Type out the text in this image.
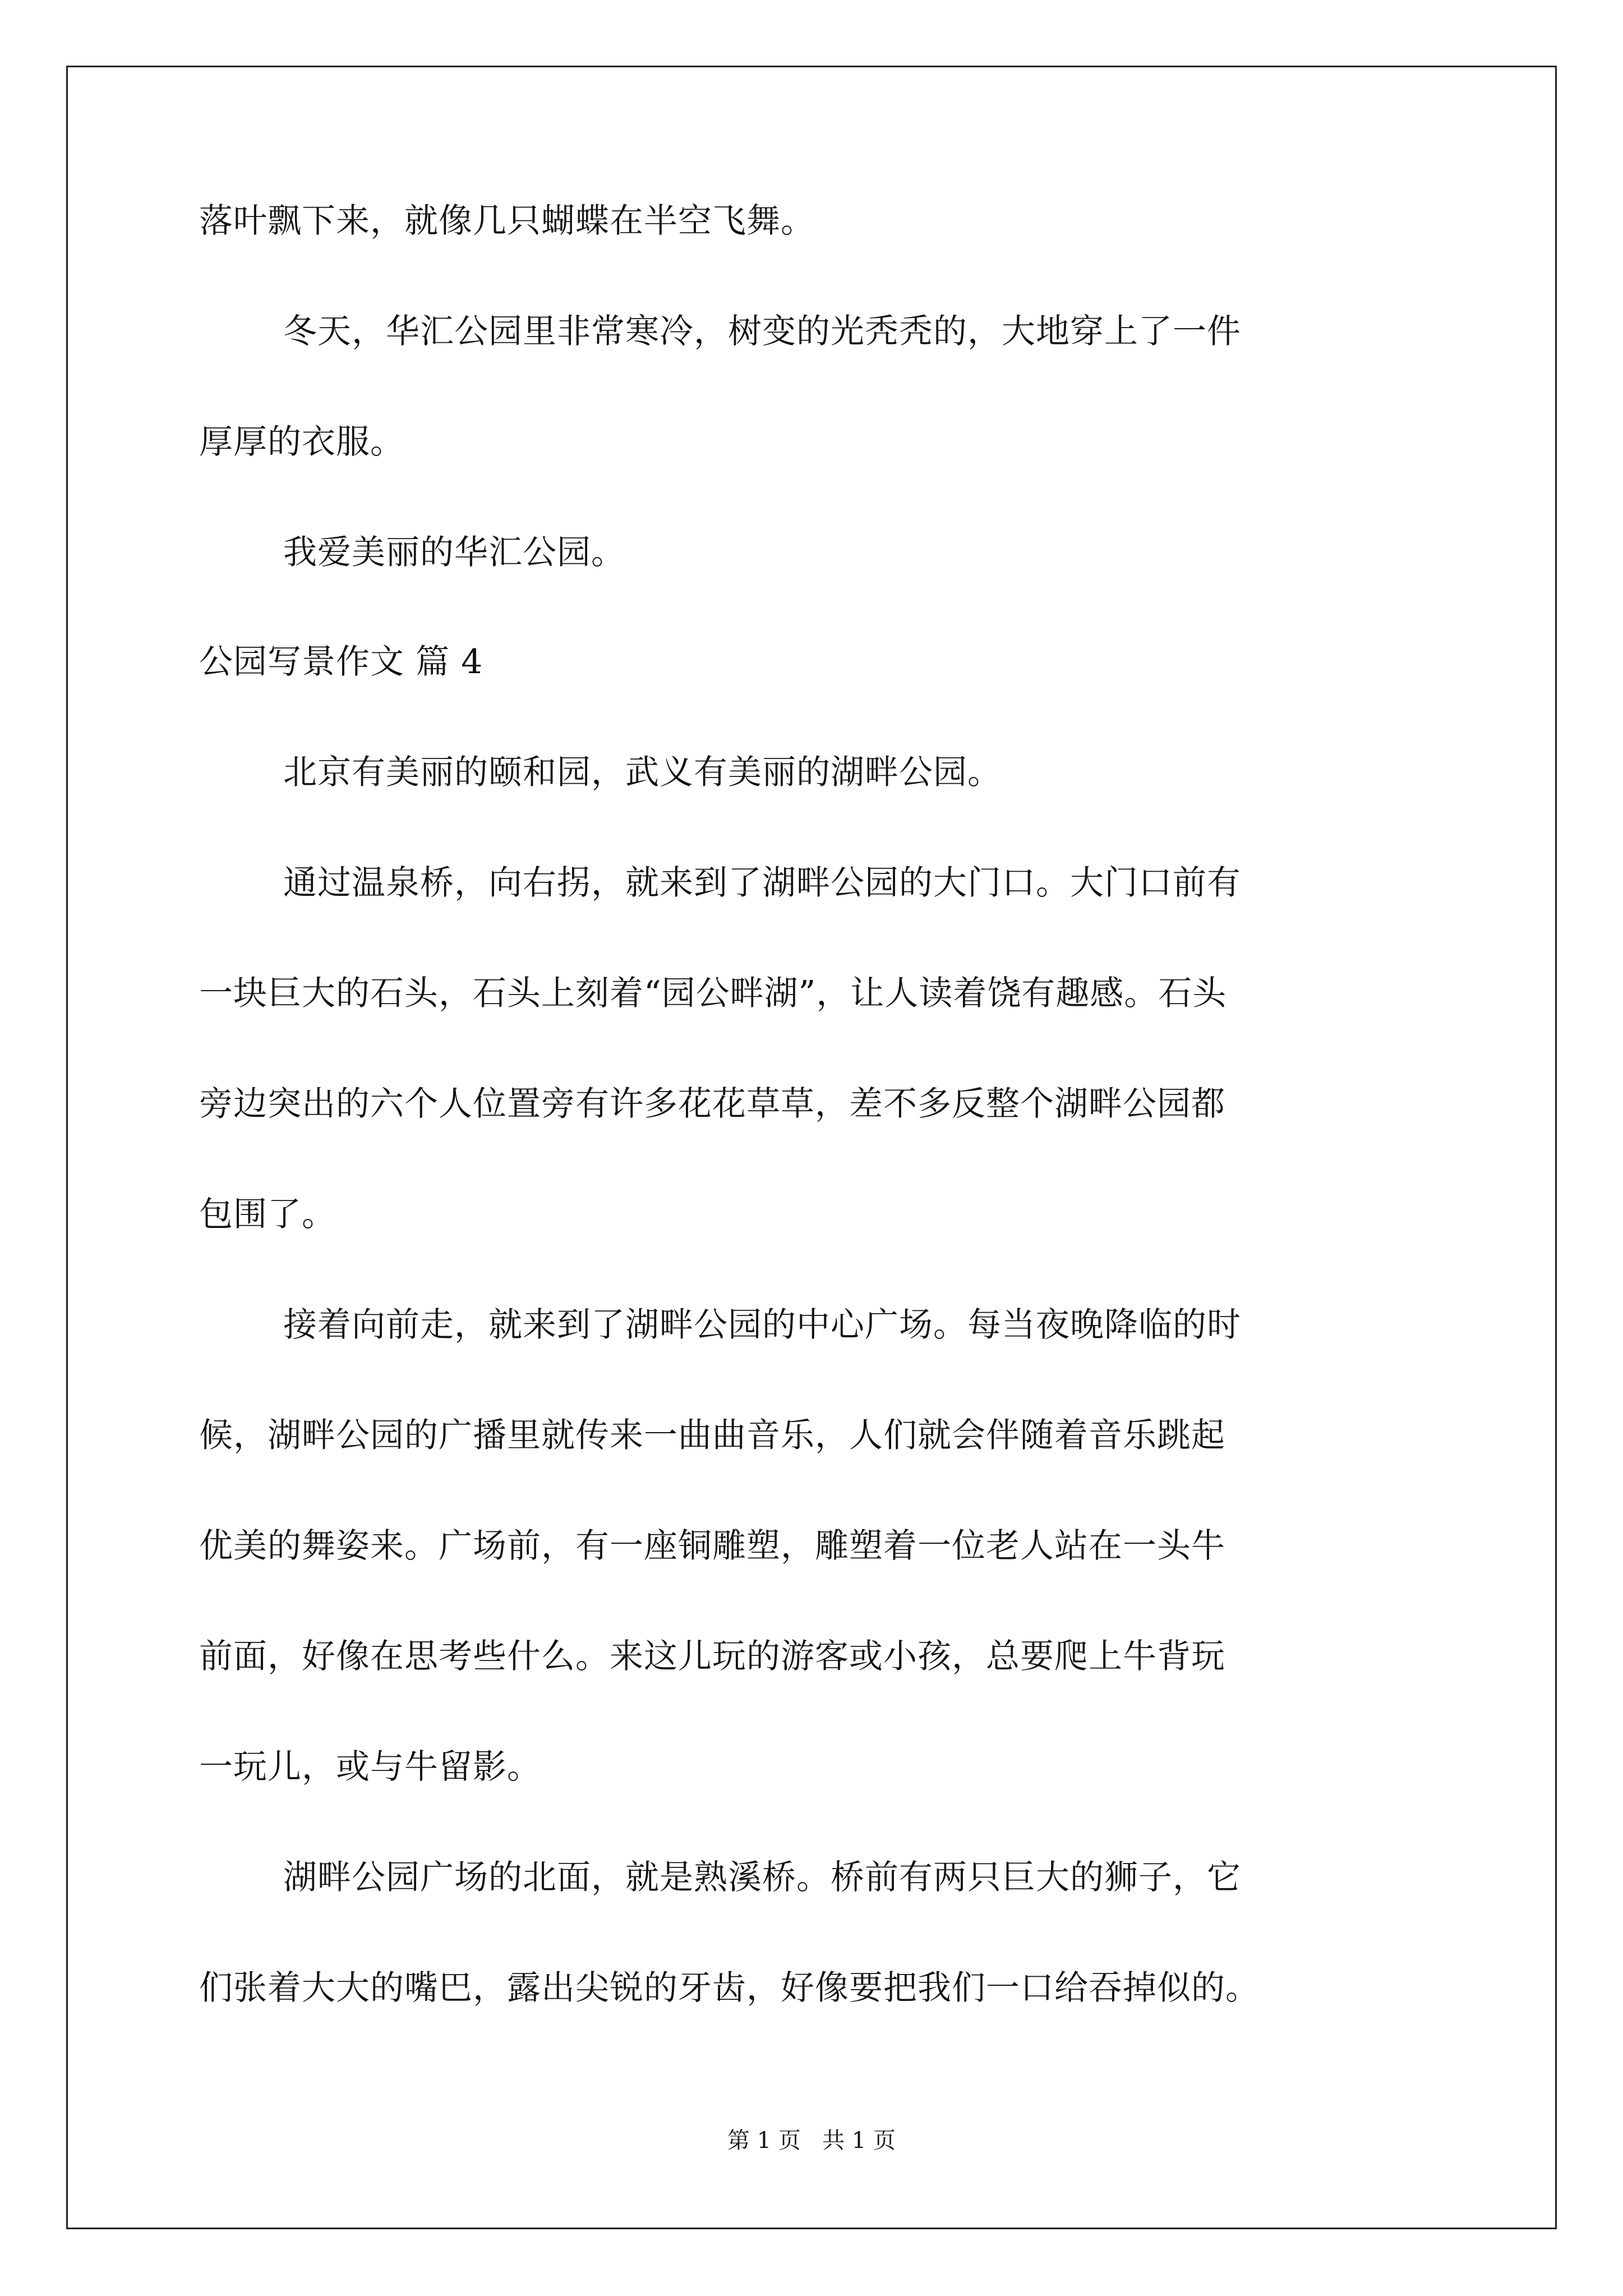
落叶飘下来，就像几只蝴蝶在半空飞舞。
冬天，华汇公园里非常寒冷，树变的光秃秃的，大地穿上了一件
厚厚的衣服。
我爱美丽的华汇公园。
公园写景作文 篇 4
北京有美丽的颐和园，武义有美丽的湖畔公园。
通过温泉桥，向右拐，就来到了湖畔公园的大门口。大门口前有
一块巨大的石头，石头上刻着“园公畔湖”，让人读着饶有趣感。石头
旁边突出的六个人位置旁有许多花花草草，差不多反整个湖畔公园都
包围了。
接着向前走，就来到了湖畔公园的中心广场。每当夜晚降临的时
候，湖畔公园的广播里就传来一曲曲音乐，人们就会伴随着音乐跳起
优美的舞姿来。广场前，有一座铜雕塑，雕塑着一位老人站在一头牛
前面，好像在思考些什么。来这儿玩的游客或小孩，总要爬上牛背玩
一玩儿，或与牛留影。
湖畔公园广场的北面，就是熟溪桥。桥前有两只巨大的狮子，它
们张着大大的嘴巴，露出尖锐的牙齿，好像要把我们一口给吞掉似的。
第 1 页   共 1 页
